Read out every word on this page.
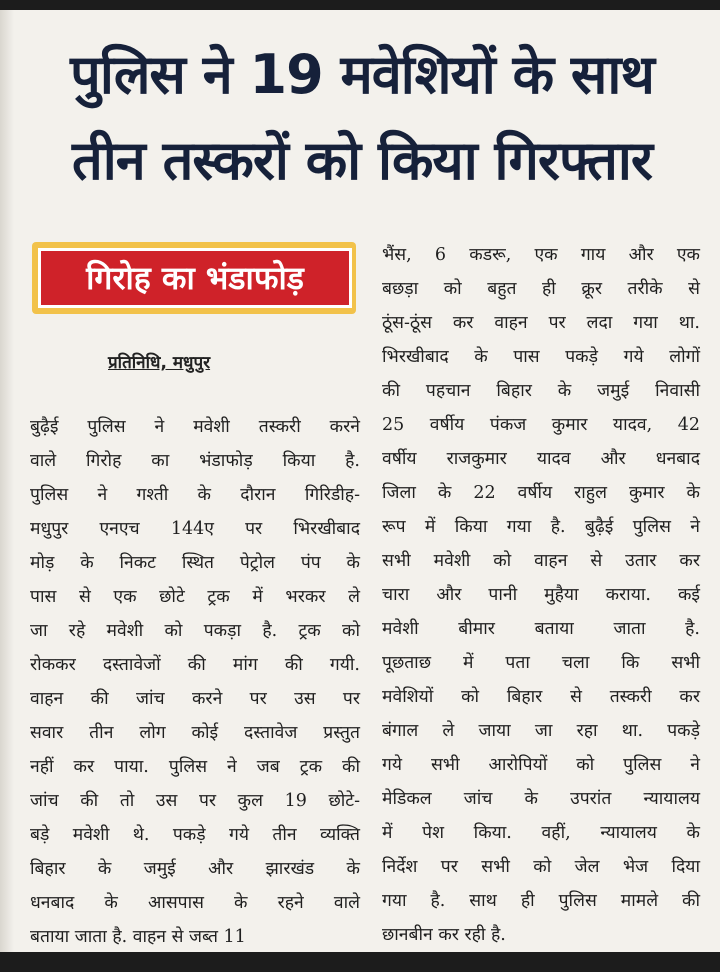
पुलिस ने 19 मवेशियों के साथ
तीन तस्करों को किया गिरफ्तार
गिरोह का भंडाफोड़
प्रतिनिधि, मधुपुर
बुढ़ैई पुलिस ने मवेशी तस्करी करने
वाले गिरोह का भंडाफोड़ किया है.
पुलिस ने गश्ती के दौरान गिरिडीह-
मधुपुर एनएच 144ए पर भिरखीबाद
मोड़ के निकट स्थित पेट्रोल पंप के
पास से एक छोटे ट्रक में भरकर ले
जा रहे मवेशी को पकड़ा है. ट्रक को
रोककर दस्तावेजों की मांग की गयी.
वाहन की जांच करने पर उस पर
सवार तीन लोग कोई दस्तावेज प्रस्तुत
नहीं कर पाया. पुलिस ने जब ट्रक की
जांच की तो उस पर कुल 19 छोटे-
बड़े मवेशी थे. पकड़े गये तीन व्यक्ति
बिहार के जमुई और झारखंड के
धनबाद के आसपास के रहने वाले
बताया जाता है. वाहन से जब्त 11
भैंस, 6 कडरू, एक गाय और एक
बछड़ा को बहुत ही क्रूर तरीके से
ठूंस-ठूंस कर वाहन पर लदा गया था.
भिरखीबाद के पास पकड़े गये लोगों
की पहचान बिहार के जमुई निवासी
25 वर्षीय पंकज कुमार यादव, 42
वर्षीय राजकुमार यादव और धनबाद
जिला के 22 वर्षीय राहुल कुमार के
रूप में किया गया है. बुढ़ैई पुलिस ने
सभी मवेशी को वाहन से उतार कर
चारा और पानी मुहैया कराया. कई
मवेशी बीमार बताया जाता है.
पूछताछ में पता चला कि सभी
मवेशियों को बिहार से तस्करी कर
बंगाल ले जाया जा रहा था. पकड़े
गये सभी आरोपियों को पुलिस ने
मेडिकल जांच के उपरांत न्यायालय
में पेश किया. वहीं, न्यायालय के
निर्देश पर सभी को जेल भेज दिया
गया है. साथ ही पुलिस मामले की
छानबीन कर रही है.
